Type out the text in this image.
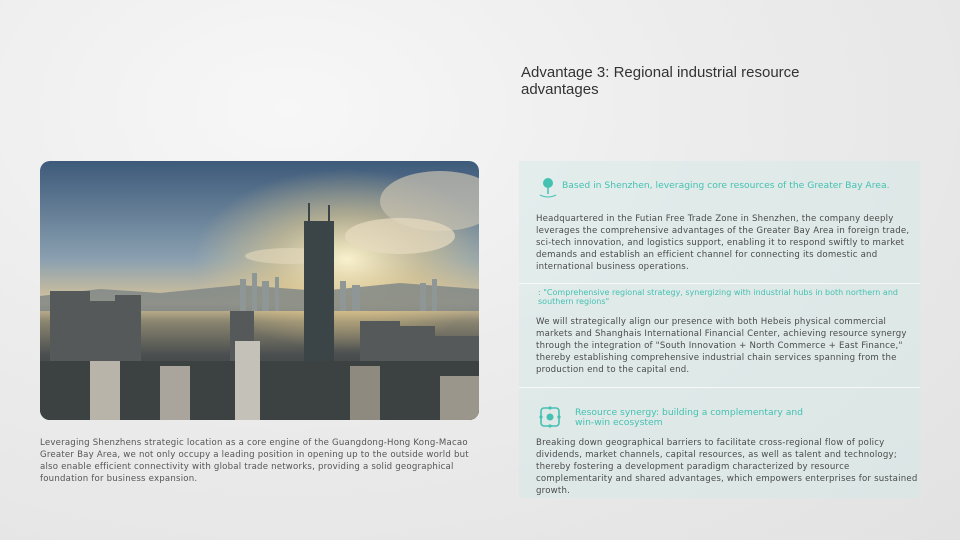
Advantage 3: Regional industrial resource advantages
Leveraging Shenzhens strategic location as a core engine of the Guangdong-Hong Kong-Macao Greater Bay Area, we not only occupy a leading position in opening up to the outside world but also enable efficient connectivity with global trade networks, providing a solid geographical foundation for business expansion.
Based in Shenzhen, leveraging core resources of the Greater Bay Area.
Headquartered in the Futian Free Trade Zone in Shenzhen, the company deeply leverages the comprehensive advantages of the Greater Bay Area in foreign trade, sci-tech innovation, and logistics support, enabling it to respond swiftly to market demands and establish an efficient channel for connecting its domestic and international business operations.
: "Comprehensive regional strategy, synergizing with industrial hubs in both northern and southern regions"
We will strategically align our presence with both Hebeis physical commercial markets and Shanghais International Financial Center, achieving resource synergy through the integration of "South Innovation + North Commerce + East Finance," thereby establishing comprehensive industrial chain services spanning from the production end to the capital end.
Resource synergy: building a complementary and win-win ecosystem
Breaking down geographical barriers to facilitate cross-regional flow of policy dividends, market channels, capital resources, as well as talent and technology; thereby fostering a development paradigm characterized by resource complementarity and shared advantages, which empowers enterprises for sustained growth.
